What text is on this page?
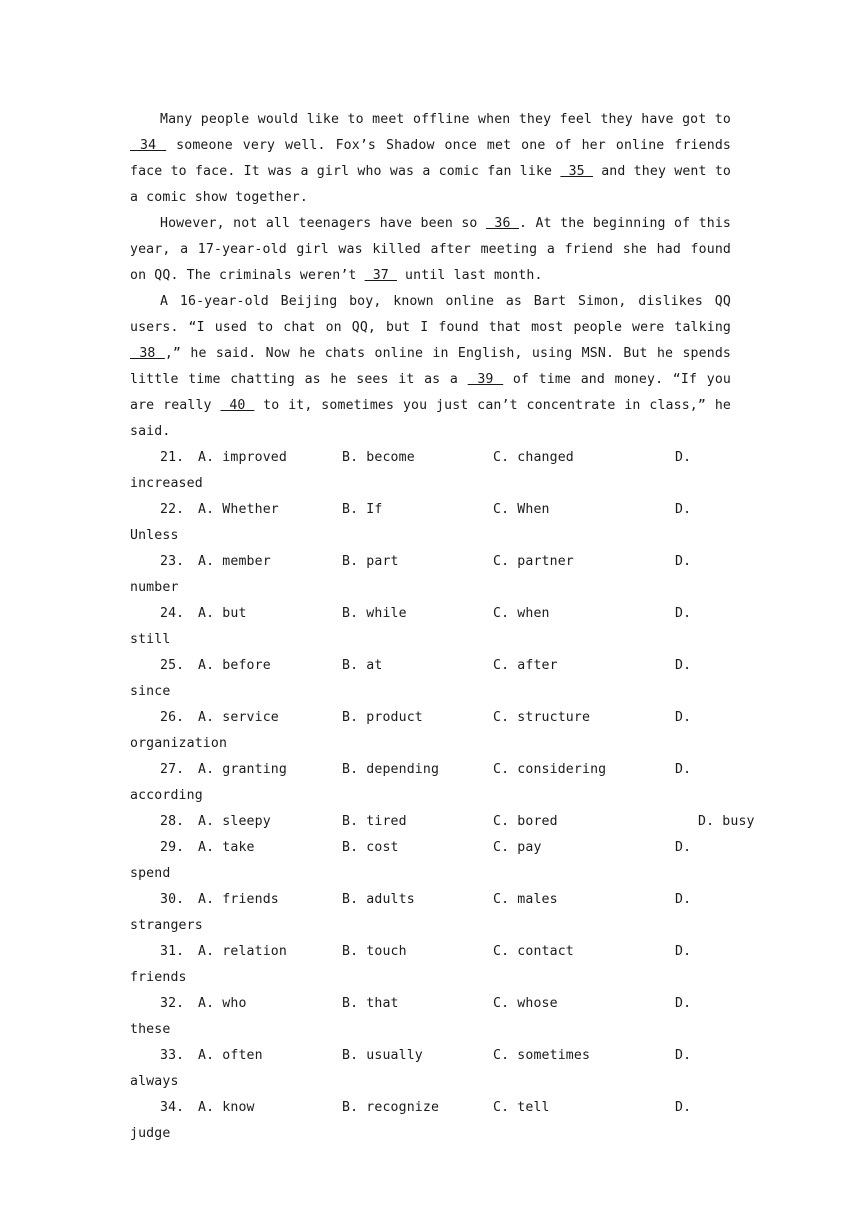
Many people would like to meet offline when they feel they have got to  34  someone very well. Fox’s Shadow once met one of her online friends face to face. It was a girl who was a comic fan like  35  and they went to a comic show together.

However, not all teenagers have been so  36 . At the beginning of this year, a 17-year-old girl was killed after meeting a friend she had found on QQ. The criminals weren’t  37  until last month.

A 16-year-old Beijing boy, known online as Bart Simon, dislikes QQ users. “I used to chat on QQ, but I found that most people were talking  38 ,” he said. Now he chats online in English, using MSN. But he spends little time chatting as he sees it as a  39  of time and money. “If you are really  40  to it, sometimes you just can’t concentrate in class,” he said.

21. A. improved	B. become	C. changed	D.
increased
22. A. Whether	B. If	C. When	D.
Unless
23. A. member	B. part	C. partner	D.
number
24. A. but	B. while	C. when	D.
still
25. A. before	B. at	C. after	D.
since
26. A. service	B. product	C. structure	D.
organization
27. A. granting	B. depending	C. considering	D.
according
28. A. sleepy	B. tired	C. bored	D. busy
29. A. take	B. cost	C. pay	D.
spend
30. A. friends	B. adults	C. males	D.
strangers
31. A. relation	B. touch	C. contact	D.
friends
32. A. who	B. that	C. whose	D.
these
33. A. often	B. usually	C. sometimes	D.
always
34. A. know	B. recognize	C. tell	D.
judge
